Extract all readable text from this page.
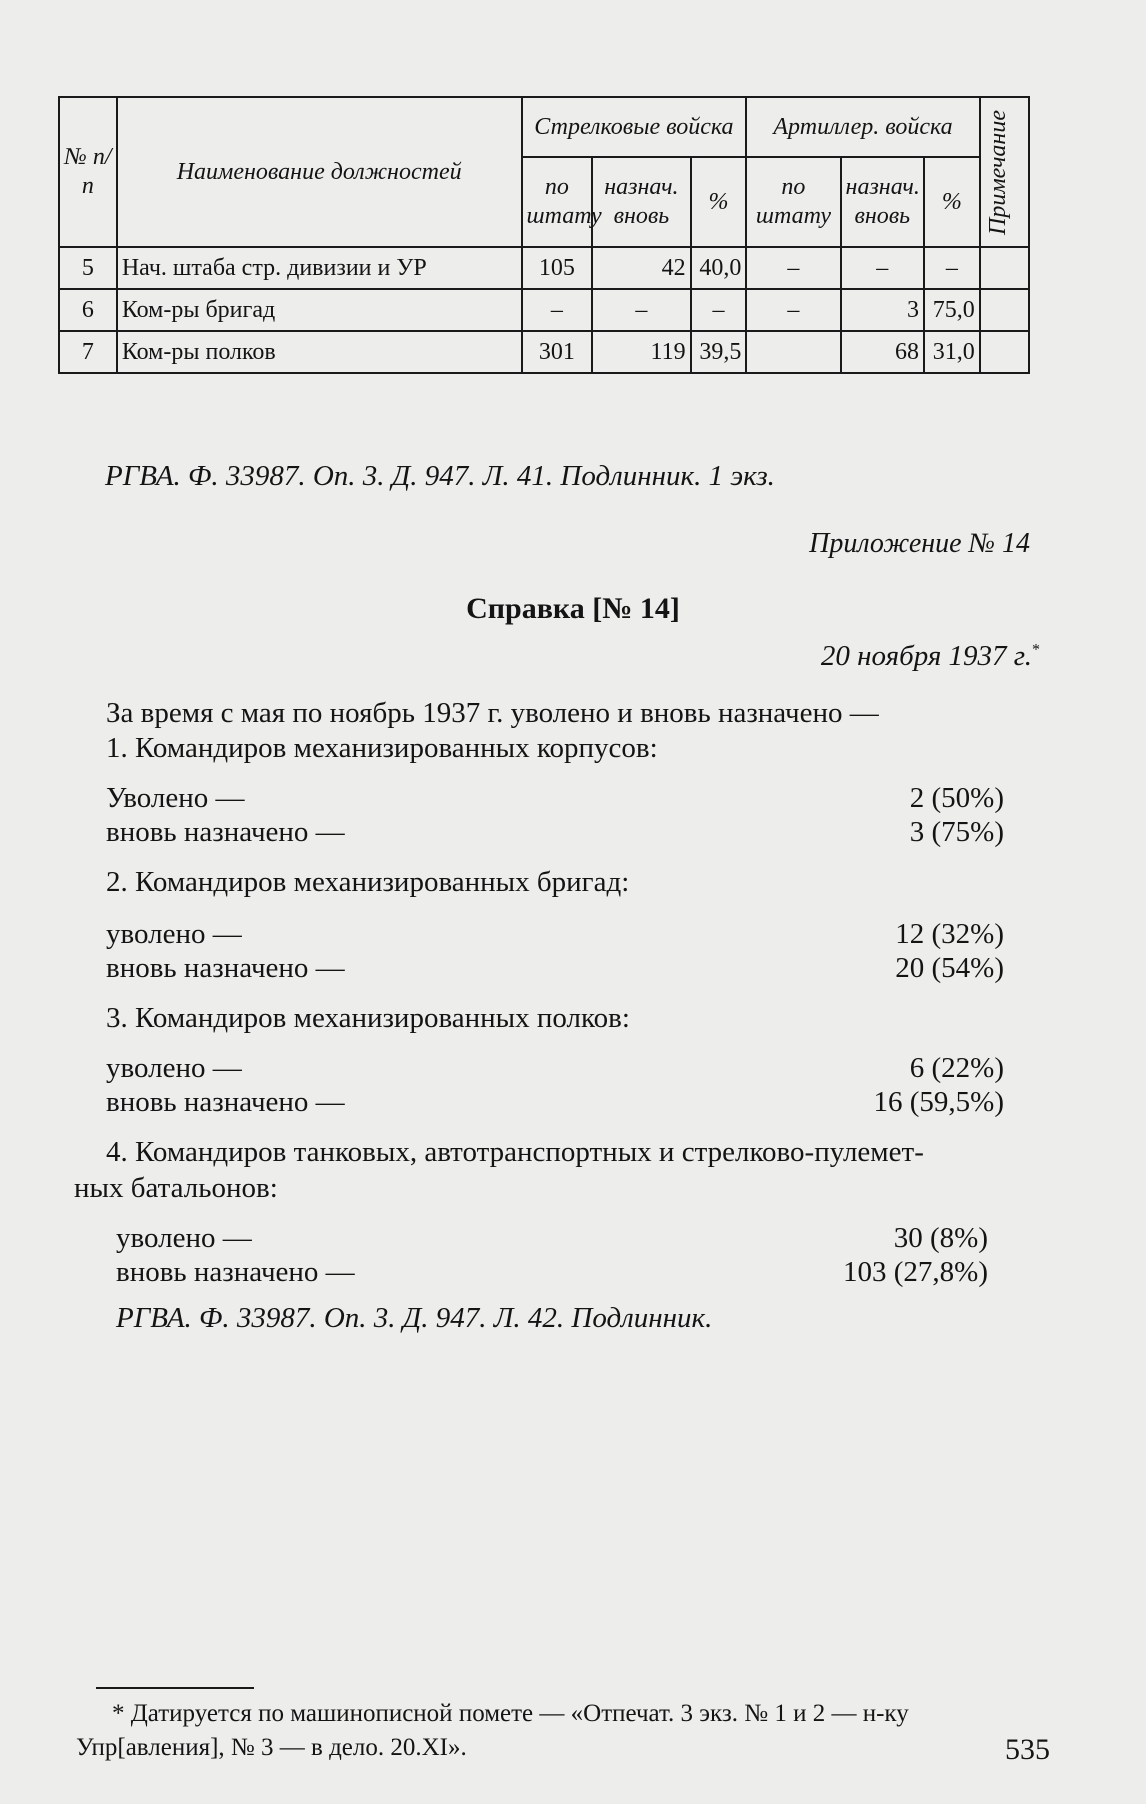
№ п/п	Наименование должностей	Стрелковые войска			Артиллер. войска			Примечание

		по штату	назнач. вновь	%	по штату	назнач. вновь	%	
5	Нач. штаба стр. дивизии и УР	105	42	40,0	–	–	–	
6	Ком-ры бригад	–	–	–	–	3	75,0	
7	Ком-ры полков	301	119	39,5		68	31,0	
РГВА. Ф. 33987. Оп. 3. Д. 947. Л. 41. Подлинник. 1 экз.
Приложение № 14
Справка [№ 14]
20 ноября 1937 г.*
За время с мая по ноябрь 1937 г. уволено и вновь назначено —
1. Командиров механизированных корпусов:
Уволено —	2 (50%)
вновь назначено —	3 (75%)
2. Командиров механизированных бригад:
уволено —	12 (32%)
вновь назначено —	20 (54%)
3. Командиров механизированных полков:
уволено —	6 (22%)
вновь назначено —	16 (59,5%)
4. Командиров танковых, автотранспортных и стрелково-пулемет-
ных батальонов:
уволено —	30 (8%)
вновь назначено —	103 (27,8%)
РГВА. Ф. 33987. Оп. 3. Д. 947. Л. 42. Подлинник.
* Датируется по машинописной помете — «Отпечат. 3 экз. № 1 и 2 — н-ку
Упр[авления], № 3 — в дело. 20.XI».	535
